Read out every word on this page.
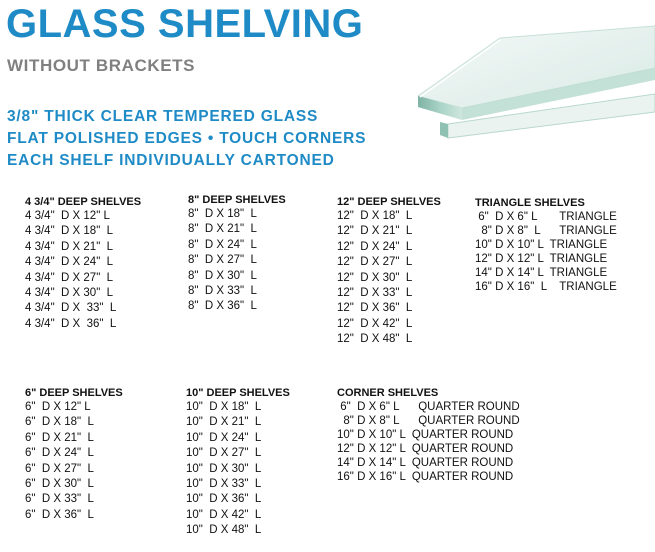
GLASS SHELVING
WITHOUT BRACKETS
3/8" THICK CLEAR TEMPERED GLASS
FLAT POLISHED EDGES • TOUCH CORNERS
EACH SHELF INDIVIDUALLY CARTONED
4 3/4" DEEP SHELVES
4 3/4"  D X 12" L
4 3/4"  D X 18"  L
4 3/4"  D X 21"  L
4 3/4"  D X 24"  L
4 3/4"  D X 27"  L
4 3/4"  D X 30"  L
4 3/4"  D X  33"  L
4 3/4"  D X  36"  L
8" DEEP SHELVES
8"  D X 18"  L
8"  D X 21"  L
8"  D X 24"  L
8"  D X 27"  L
8"  D X 30"  L
8"  D X 33"  L
8"  D X 36"  L
12" DEEP SHELVES
12"  D X 18"  L
12"  D X 21"  L
12"  D X 24"  L
12"  D X 27"  L
12"  D X 30"  L
12"  D X 33"  L
12"  D X 36"  L
12"  D X 42"  L
12"  D X 48"  L
TRIANGLE SHELVES
6"  D X 6" L       TRIANGLE
8" D X 8"  L      TRIANGLE
10" D X 10" L  TRIANGLE
12" D X 12" L  TRIANGLE
14" D X 14" L  TRIANGLE
16" D X 16"  L    TRIANGLE
6" DEEP SHELVES
6"  D X 12" L
6"  D X 18"  L
6"  D X 21"  L
6"  D X 24"  L
6"  D X 27"  L
6"  D X 30"  L
6"  D X 33"  L
6"  D X 36"  L
10" DEEP SHELVES
10"  D X 18"  L
10"  D X 21"  L
10"  D X 24"  L
10"  D X 27"  L
10"  D X 30"  L
10"  D X 33"  L
10"  D X 36"  L
10"  D X 42"  L
10"  D X 48"  L
CORNER SHELVES
6"  D X 6" L      QUARTER ROUND
8" D X 8" L      QUARTER ROUND
10" D X 10" L  QUARTER ROUND
12" D X 12" L  QUARTER ROUND
14" D X 14" L  QUARTER ROUND
16" D X 16" L  QUARTER ROUND
